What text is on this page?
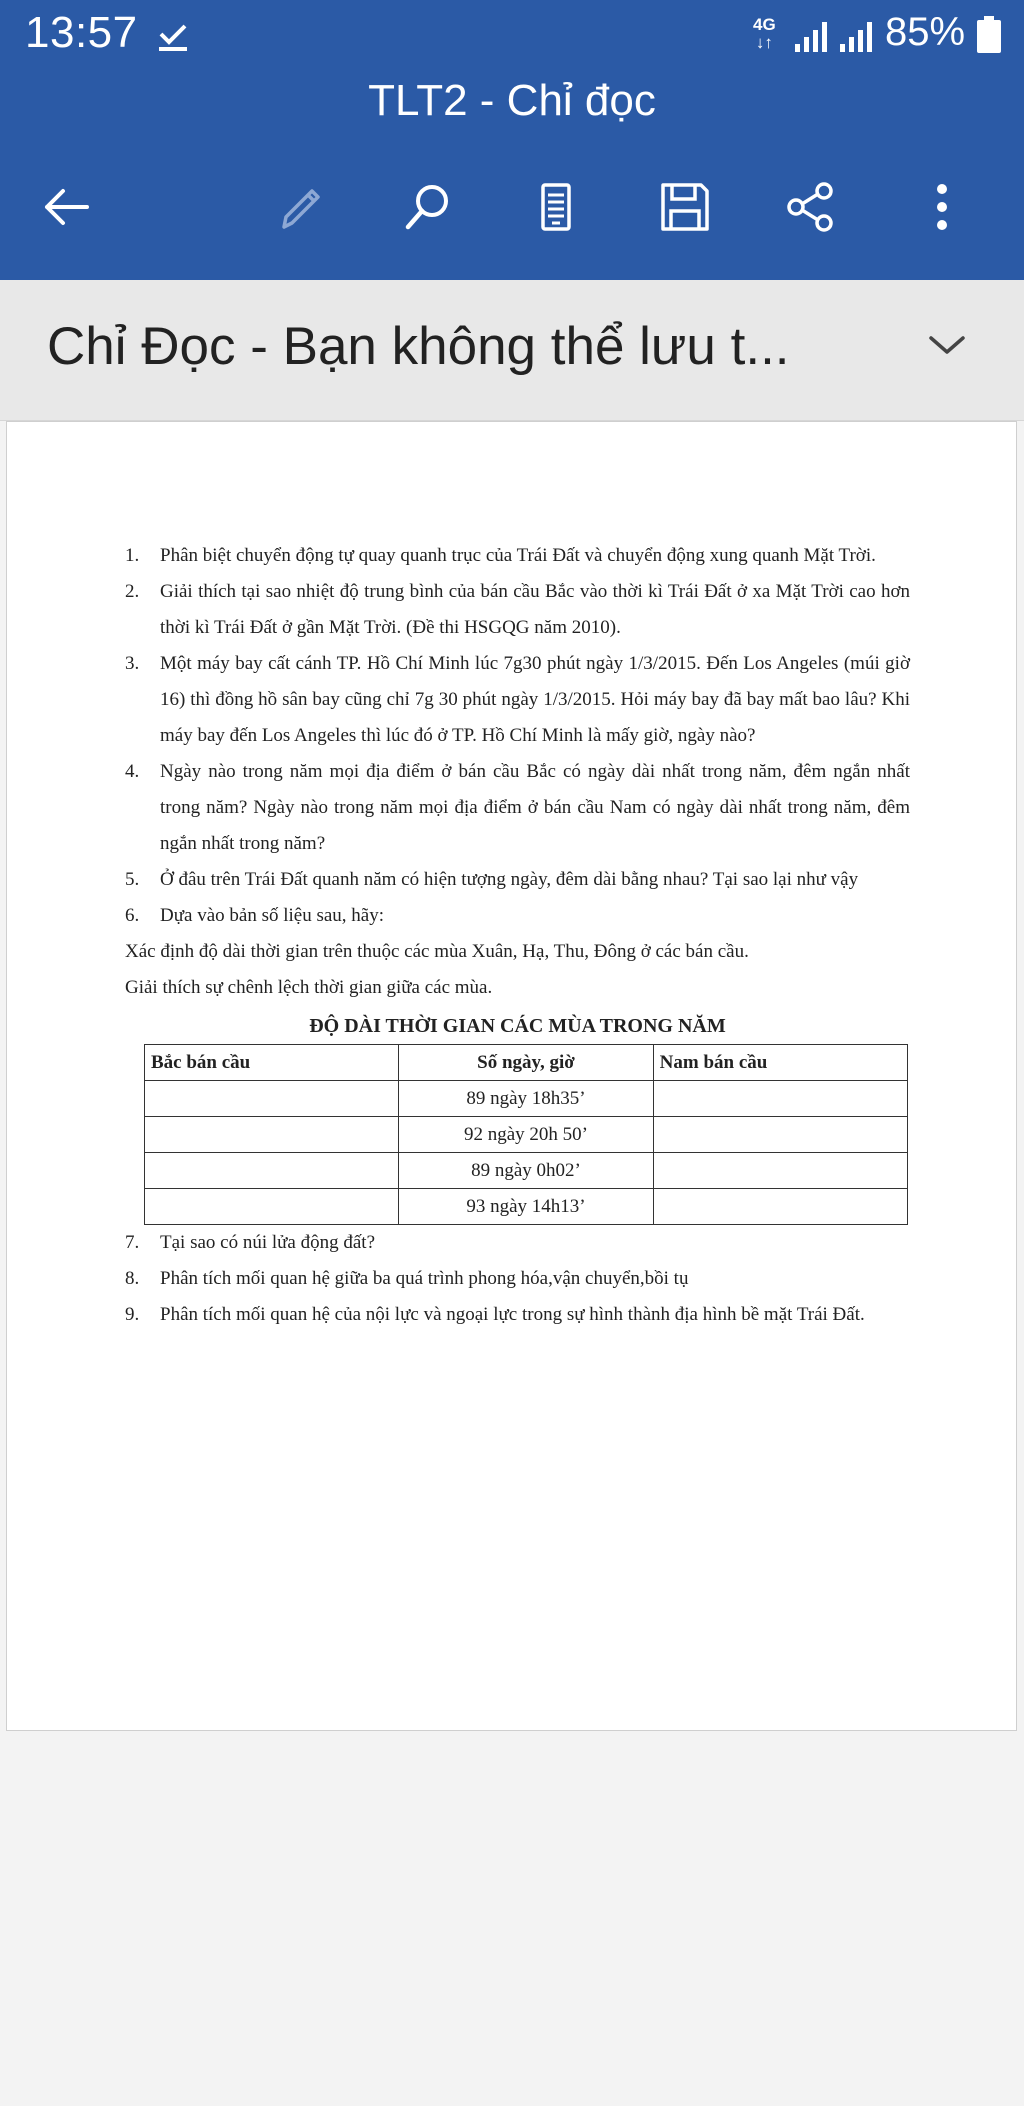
13:57	4G
↓↑	85%
TLT2 - Chỉ đọc
Chỉ Đọc - Bạn không thể lưu t...
1. Phân biệt chuyển động tự quay quanh trục của Trái Đất và chuyển động xung quanh Mặt Trời.
2. Giải thích tại sao nhiệt độ trung bình của bán cầu Bắc vào thời kì Trái Đất ở xa Mặt Trời cao hơn thời kì Trái Đất ở gần Mặt Trời. (Đề thi HSGQG năm 2010).
3. Một máy bay cất cánh TP. Hồ Chí Minh lúc 7g30 phút ngày 1/3/2015. Đến Los Angeles (múi giờ 16) thì đồng hồ sân bay cũng chỉ 7g 30 phút ngày 1/3/2015. Hỏi máy bay đã bay mất bao lâu? Khi máy bay đến Los Angeles thì lúc đó ở TP. Hồ Chí Minh là mấy giờ, ngày nào?
4. Ngày nào trong năm mọi địa điểm ở bán cầu Bắc có ngày dài nhất trong năm, đêm ngắn nhất trong năm? Ngày nào trong năm mọi địa điểm ở bán cầu Nam có ngày dài nhất trong năm, đêm ngắn nhất trong năm?
5. Ở đâu trên Trái Đất quanh năm có hiện tượng ngày, đêm dài bằng nhau? Tại sao lại như vậy
6. Dựa vào bản số liệu sau, hãy:
Xác định độ dài thời gian trên thuộc các mùa Xuân, Hạ, Thu, Đông ở các bán cầu.
Giải thích sự chênh lệch thời gian giữa các mùa.
ĐỘ DÀI THỜI GIAN CÁC MÙA TRONG NĂM
Bắc bán cầu	Số ngày, giờ	Nam bán cầu
	89 ngày 18h35’	
	92 ngày 20h 50’	
	89 ngày 0h02’	
	93 ngày 14h13’	
7. Tại sao có núi lửa động đất?
8. Phân tích mối quan hệ giữa ba quá trình phong hóa,vận chuyển,bồi tụ
9. Phân tích mối quan hệ của nội lực và ngoại lực trong sự hình thành địa hình bề mặt Trái Đất.
